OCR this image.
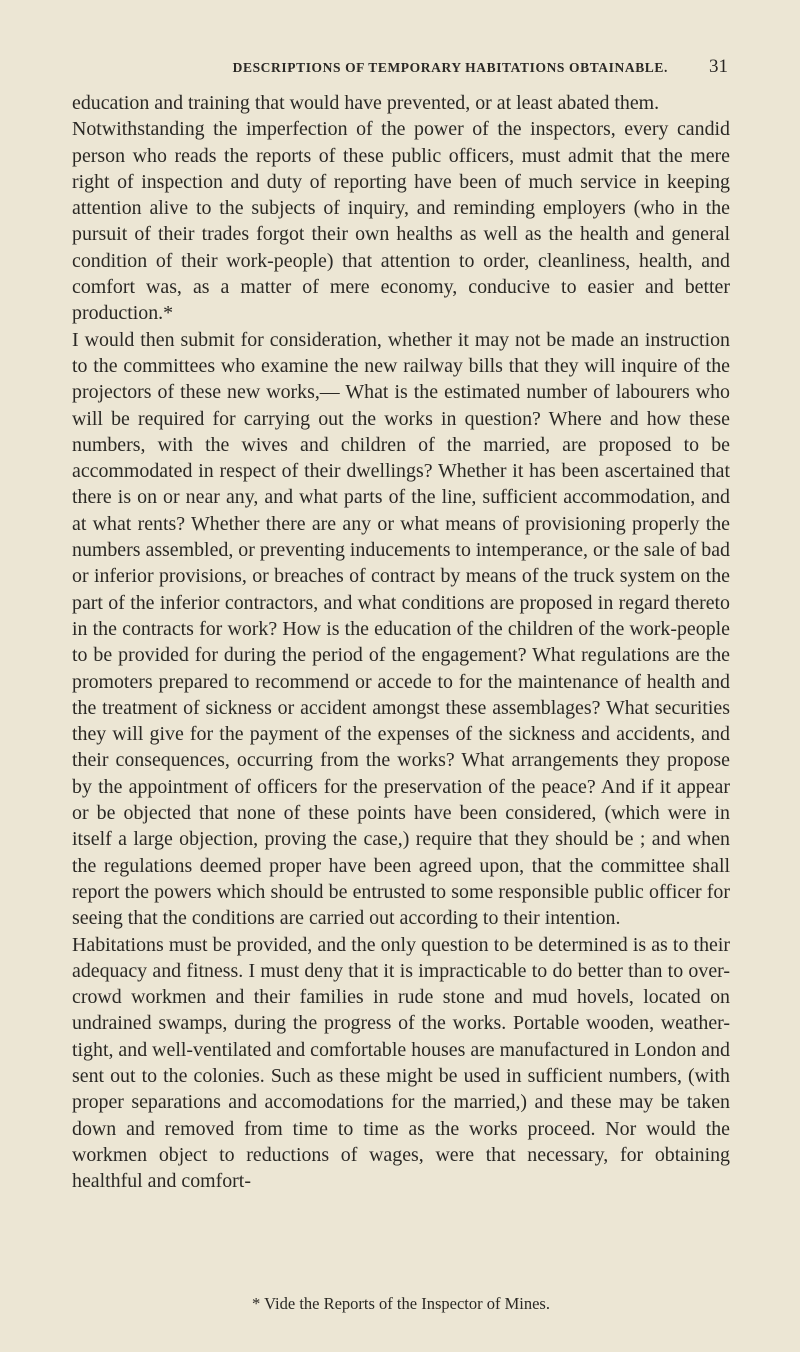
DESCRIPTIONS OF TEMPORARY HABITATIONS OBTAINABLE. 31

education and training that would have prevented, or at least abated them.

Notwithstanding the imperfection of the power of the inspectors, every candid person who reads the reports of these public officers, must admit that the mere right of inspection and duty of reporting have been of much service in keeping attention alive to the subjects of inquiry, and reminding employers (who in the pursuit of their trades forgot their own healths as well as the health and general condition of their work-people) that attention to order, cleanliness, health, and comfort was, as a matter of mere economy, conducive to easier and better production.*

I would then submit for consideration, whether it may not be made an instruction to the committees who examine the new railway bills that they will inquire of the projectors of these new works,— What is the estimated number of labourers who will be required for carrying out the works in question? Where and how these numbers, with the wives and children of the married, are proposed to be accommodated in respect of their dwellings? Whether it has been ascertained that there is on or near any, and what parts of the line, sufficient accommodation, and at what rents? Whether there are any or what means of provisioning properly the numbers assembled, or preventing inducements to intemperance, or the sale of bad or inferior provisions, or breaches of contract by means of the truck system on the part of the inferior contractors, and what conditions are proposed in regard thereto in the contracts for work? How is the education of the children of the work-people to be provided for during the period of the engagement? What regulations are the promoters prepared to recommend or accede to for the maintenance of health and the treatment of sickness or accident amongst these assemblages? What securities they will give for the payment of the expenses of the sickness and accidents, and their consequences, occurring from the works? What arrangements they propose by the appointment of officers for the preservation of the peace? And if it appear or be objected that none of these points have been considered, (which were in itself a large objection, proving the case,) require that they should be ; and when the regulations deemed proper have been agreed upon, that the committee shall report the powers which should be entrusted to some responsible public officer for seeing that the conditions are carried out according to their intention.

Habitations must be provided, and the only question to be determined is as to their adequacy and fitness. I must deny that it is impracticable to do better than to over-crowd workmen and their families in rude stone and mud hovels, located on undrained swamps, during the progress of the works. Portable wooden, weather-tight, and well-ventilated and comfortable houses are manufactured in London and sent out to the colonies. Such as these might be used in sufficient numbers, (with proper separations and accomodations for the married,) and these may be taken down and removed from time to time as the works proceed. Nor would the workmen object to reductions of wages, were that necessary, for obtaining healthful and comfort-

* Vide the Reports of the Inspector of Mines.
